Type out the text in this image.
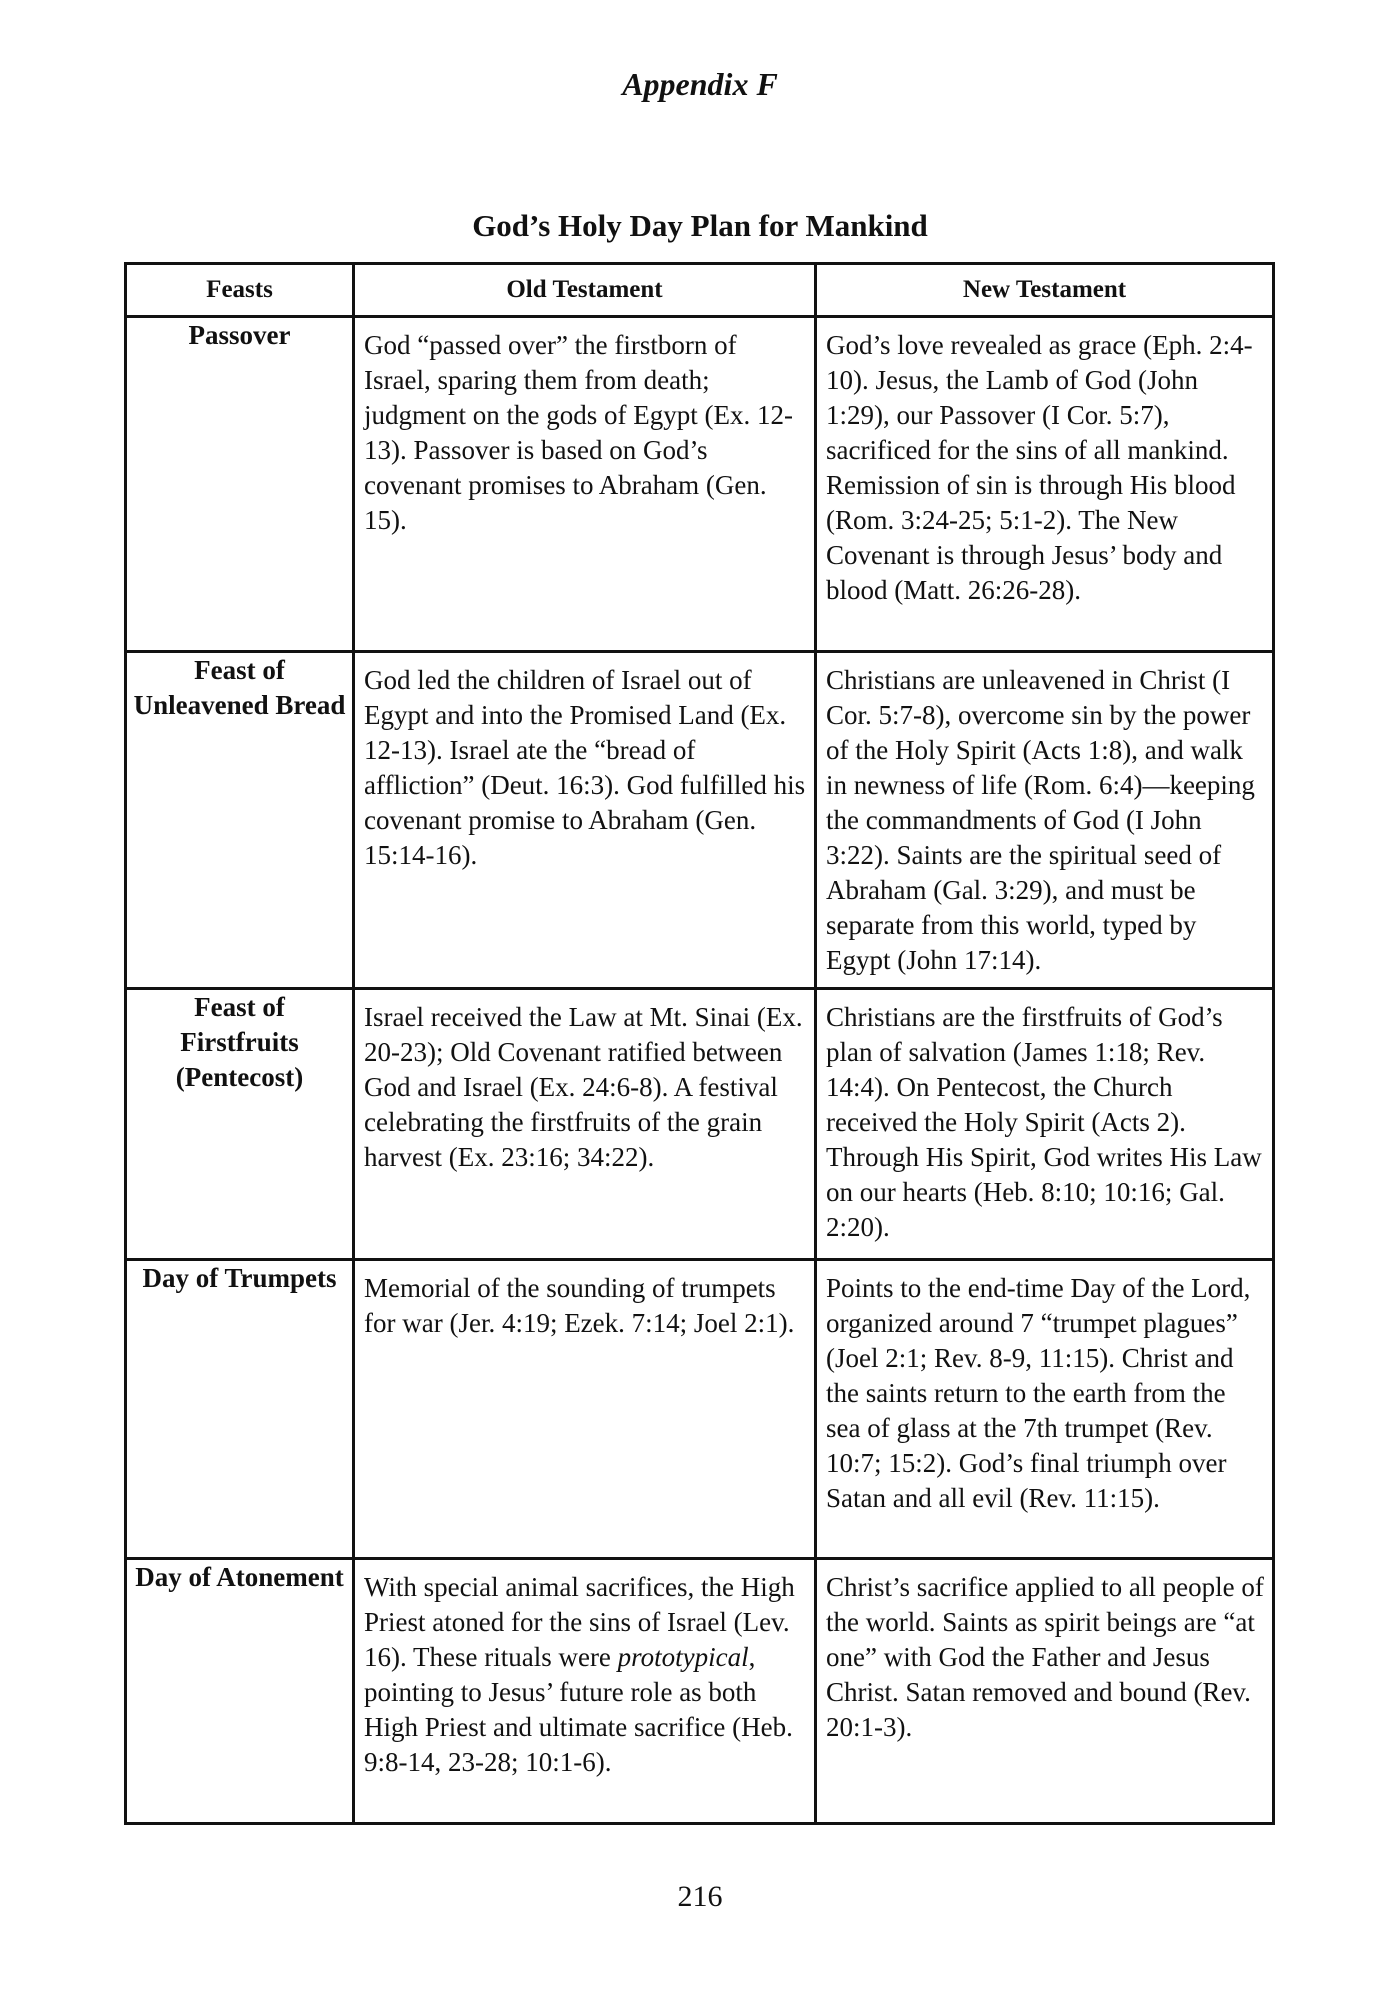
Appendix F
God’s Holy Day Plan for Mankind
Feasts	Old Testament	New Testament
Passover	God “passed over” the firstborn of Israel, sparing them from death; judgment on the gods of Egypt (Ex. 12-13). Passover is based on God’s covenant promises to Abraham (Gen. 15).	God’s love revealed as grace (Eph. 2:4-10). Jesus, the Lamb of God (John 1:29), our Passover (I Cor. 5:7), sacrificed for the sins of all mankind. Remission of sin is through His blood (Rom. 3:24-25; 5:1-2). The New Covenant is through Jesus’ body and blood (Matt. 26:26-28).
Feast of Unleavened Bread	God led the children of Israel out of Egypt and into the Promised Land (Ex. 12-13). Israel ate the “bread of affliction” (Deut. 16:3). God fulfilled his covenant promise to Abraham (Gen. 15:14-16).	Christians are unleavened in Christ (I Cor. 5:7-8), overcome sin by the power of the Holy Spirit (Acts 1:8), and walk in newness of life (Rom. 6:4)—keeping the commandments of God (I John 3:22). Saints are the spiritual seed of Abraham (Gal. 3:29), and must be separate from this world, typed by Egypt (John 17:14).
Feast of Firstfruits (Pentecost)	Israel received the Law at Mt. Sinai (Ex. 20-23); Old Covenant ratified between God and Israel (Ex. 24:6-8). A festival celebrating the firstfruits of the grain harvest (Ex. 23:16; 34:22).	Christians are the firstfruits of God’s plan of salvation (James 1:18; Rev. 14:4). On Pentecost, the Church received the Holy Spirit (Acts 2). Through His Spirit, God writes His Law on our hearts (Heb. 8:10; 10:16; Gal. 2:20).
Day of Trumpets	Memorial of the sounding of trumpets for war (Jer. 4:19; Ezek. 7:14; Joel 2:1).	Points to the end-time Day of the Lord, organized around 7 “trumpet plagues” (Joel 2:1; Rev. 8-9, 11:15). Christ and the saints return to the earth from the sea of glass at the 7th trumpet (Rev. 10:7; 15:2). God’s final triumph over Satan and all evil (Rev. 11:15).
Day of Atonement	With special animal sacrifices, the High Priest atoned for the sins of Israel (Lev. 16). These rituals were prototypical, pointing to Jesus’ future role as both High Priest and ultimate sacrifice (Heb. 9:8-14, 23-28; 10:1-6).	Christ’s sacrifice applied to all people of the world. Saints as spirit beings are “at one” with God the Father and Jesus Christ. Satan removed and bound (Rev. 20:1-3).
216
